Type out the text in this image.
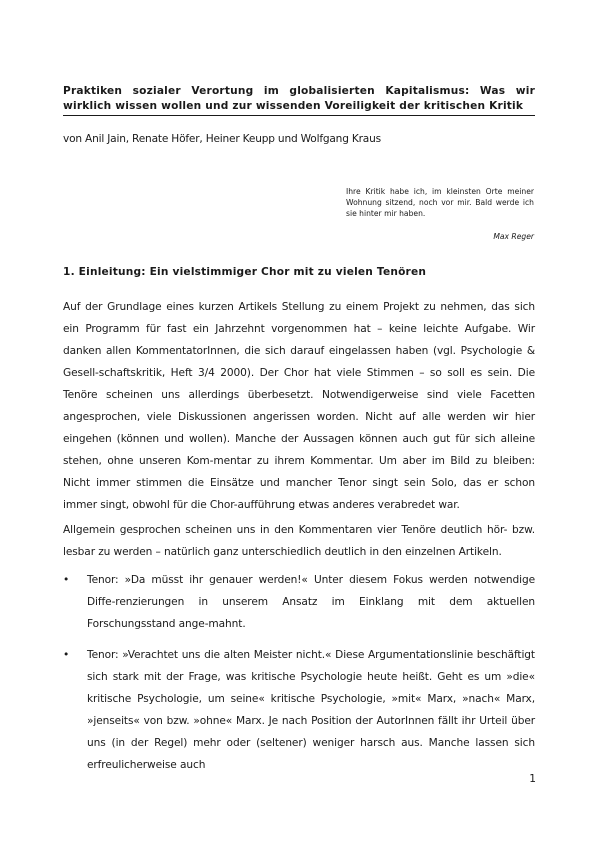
Praktiken sozialer Verortung im globalisierten Kapitalismus: Was wir wirklich wissen wollen und zur wissenden Voreiligkeit der kritischen Kritik
von Anil Jain, Renate Höfer, Heiner Keupp und Wolfgang Kraus
Ihre Kritik habe ich, im kleinsten Orte meiner Wohnung sitzend, noch vor mir. Bald werde ich sie hinter mir haben.
Max Reger
1. Einleitung: Ein vielstimmiger Chor mit zu vielen Tenören

Auf der Grundlage eines kurzen Artikels Stellung zu einem Projekt zu nehmen, das sich ein Programm für fast ein Jahrzehnt vorgenommen hat – keine leichte Aufgabe. Wir danken allen KommentatorInnen, die sich darauf eingelassen haben (vgl. Psychologie & Gesell-schaftskritik, Heft 3/4 2000). Der Chor hat viele Stimmen – so soll es sein. Die Tenöre scheinen uns allerdings überbesetzt. Notwendigerweise sind viele Facetten angesprochen, viele Diskussionen angerissen worden. Nicht auf alle werden wir hier eingehen (können und wollen). Manche der Aussagen können auch gut für sich alleine stehen, ohne unseren Kom-mentar zu ihrem Kommentar. Um aber im Bild zu bleiben: Nicht immer stimmen die Einsätze und mancher Tenor singt sein Solo, das er schon immer singt, obwohl für die Chor-aufführung etwas anderes verabredet war.

Allgemein gesprochen scheinen uns in den Kommentaren vier Tenöre deutlich hör- bzw. lesbar zu werden – natürlich ganz unterschiedlich deutlich in den einzelnen Artikeln.

•	Tenor: »Da müsst ihr genauer werden!« Unter diesem Fokus werden notwendige Diffe-renzierungen in unserem Ansatz im Einklang mit dem aktuellen Forschungsstand ange-mahnt.
•	Tenor: »Verachtet uns die alten Meister nicht.« Diese Argumentationslinie beschäftigt sich stark mit der Frage, was kritische Psychologie heute heißt. Geht es um »die« kritische Psychologie, um seine« kritische Psychologie, »mit« Marx, »nach« Marx, »jenseits« von bzw. »ohne« Marx. Je nach Position der AutorInnen fällt ihr Urteil über uns (in der Regel) mehr oder (seltener) weniger harsch aus. Manche lassen sich erfreulicherweise auch
1
